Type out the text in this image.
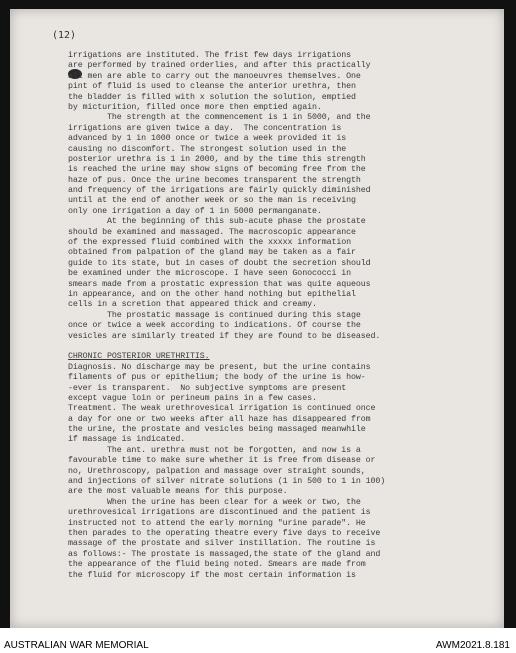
(12)
irrigations are instituted. The frist few days irrigations
are performed by trained orderlies, and after this practically
all men are able to carry out the manoeuvres themselves. One
pint of fluid is used to cleanse the anterior urethra, then
the bladder is filled with x solution the solution, emptied
by micturition, filled once more then emptied again.
The strength at the commencement is 1 in 5000, and the
irrigations are given twice a day.  The concentration is
advanced by 1 in 1000 once or twice a week provided it is
causing no discomfort. The strongest solution used in the
posterior urethra is 1 in 2000, and by the time this strength
is reached the urine may show signs of becoming free from the
haze of pus. Once the urine becomes transparent the strength
and frequency of the irrigations are fairly quickly diminished
until at the end of another week or so the man is receiving
only one irrigation a day of 1 in 5000 permanganate.
At the beginning of this sub-acute phase the prostate
should be examined and massaged. The macroscopic appearance
of the expressed fluid combined with the xxxxx information
obtained from palpation of the gland may be taken as a fair
guide to its state, but in cases of doubt the secretion should
be examined under the microscope. I have seen Gonococci in
smears made from a prostatic expression that was quite aqueous
in appearance, and on the other hand nothing but epithelial
cells in a scretion that appeared thick and creamy.
The prostatic massage is continued during this stage
once or twice a week according to indications. Of course the
vesicles are similarly treated if they are found to be diseased.
CHRONIC POSTERIOR URETHRITIS.
Diagnosis. No discharge may be present, but the urine contains
filaments of pus or epithelium; the body of the urine is how-
-ever is transparent.  No subjective symptoms are present
except vague loin or perineum pains in a few cases.
Treatment. The weak urethrovesical irrigation is continued once
a day for one or two weeks after all haze has disappeared from
the urine, the prostate and vesicles being massaged meanwhile
if massage is indicated.
The ant. urethra must not be forgotten, and now is a
favourable time to make sure whether it is free from disease or
no, Urethroscopy, palpation and massage over straight sounds,
and injections of silver nitrate solutions (1 in 500 to 1 in 100)
are the most valuable means for this purpose.
When the urine has been clear for a week or two, the
urethrovesical irrigations are discontinued and the patient is
instructed not to attend the early morning "urine parade". He
then parades to the operating theatre every five days to receive
massage of the prostate and silver instillation. The routine is
as follows:- The prostate is massaged,the state of the gland and
the appearance of the fluid being noted. Smears are made from
the fluid for microscopy if the most certain information is
AUSTRALIAN WAR MEMORIAL	AWM2021.8.181
